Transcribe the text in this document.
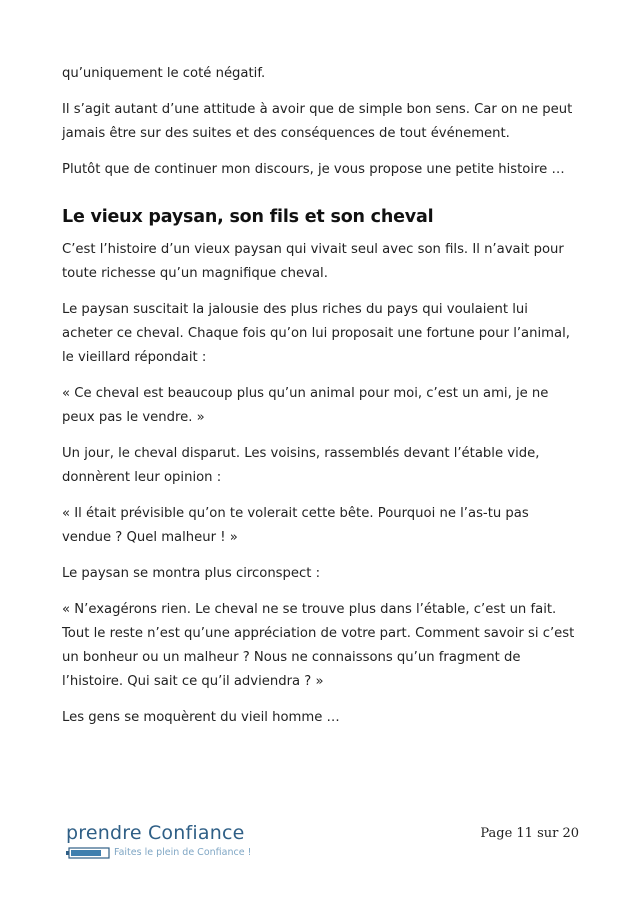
qu’uniquement le coté négatif.

Il s’agit autant d’une attitude à avoir que de simple bon sens. Car on ne peut jamais être sur des suites et des conséquences de tout événement.

Plutôt que de continuer mon discours, je vous propose une petite histoire …

Le vieux paysan, son fils et son cheval

C’est l’histoire d’un vieux paysan qui vivait seul avec son fils. Il n’avait pour toute richesse qu’un magnifique cheval.

Le paysan suscitait la jalousie des plus riches du pays qui voulaient lui acheter ce cheval. Chaque fois qu’on lui proposait une fortune pour l’animal, le vieillard répondait :

« Ce cheval est beaucoup plus qu’un animal pour moi, c’est un ami, je ne peux pas le vendre. »

Un jour, le cheval disparut. Les voisins, rassemblés devant l’étable vide, donnèrent leur opinion :

« Il était prévisible qu’on te volerait cette bête. Pourquoi ne l’as-tu pas vendue ? Quel malheur ! »

Le paysan se montra plus circonspect :

« N’exagérons rien. Le cheval ne se trouve plus dans l’étable, c’est un fait. Tout le reste n’est qu’une appréciation de votre part. Comment savoir si c’est un bonheur ou un malheur ? Nous ne connaissons qu’un fragment de l’histoire. Qui sait ce qu’il adviendra ? »

Les gens se moquèrent du vieil homme …

prendre Confiance
Faites le plein de Confiance !
Page 11 sur 20
